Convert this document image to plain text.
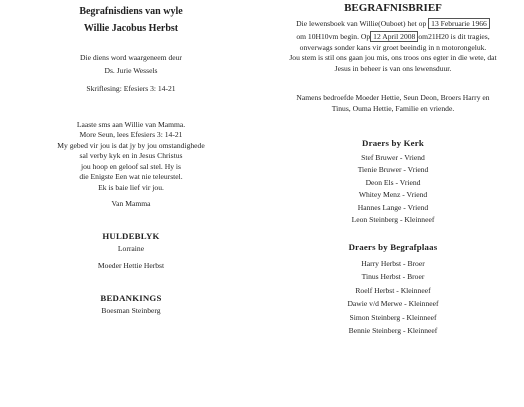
Begrafnisdiens van wyle
Willie Jacobus Herbst
Die diens word waargeneem deur
Ds. Jurie Wessels
Skriflesing: Efesiers 3: 14-21
Laaste sms aan Willie van Mamma.
More Seun, lees Efesiers 3: 14-21
My gebed vir jou is dat jy by jou omstandighede
sal verby kyk en in Jesus Christus
jou hoop en geloof sal stel. Hy is
die Enigste Een wat nie teleurstel.
Ek is baie lief vir jou.
Van Mamma
HULDEBLYK
Lorraine
Moeder Hettie Herbst
BEDANKINGS
Boesman Steinberg
BEGRAFNISBRIEF
Die lewensboek van Willie(Ouboet) het op 13 Februarie 1966
om 10H10vm begin. Op 12 April 2008 om21H20 is dit tragies,
onverwags sonder kans vir groet beeindig in n motorongeluk.
Jou stem is stil ons gaan jou mis, ons troos ons egter in die wete, dat
Jesus in beheer is van ons lewensduur.
Namens bedroefde Moeder Hettie, Seun Deon, Broers Harry en
Tinus, Ouma Hettie, Familie en vriende.
Draers by Kerk
Stef Bruwer - Vriend
Tienie Bruwer - Vriend
Deon Els - Vriend
Whitey Menz - Vriend
Hannes Lange - Vriend
Leon Steinberg - Kleinneef
Draers by Begrafplaas
Harry Herbst - Broer
Tinus Herbst - Broer
Roelf Herbst - Kleinneef
Dawie v/d Merwe - Kleinneef
Simon Steinberg - Kleinneef
Bennie Steinberg - Kleinneef
